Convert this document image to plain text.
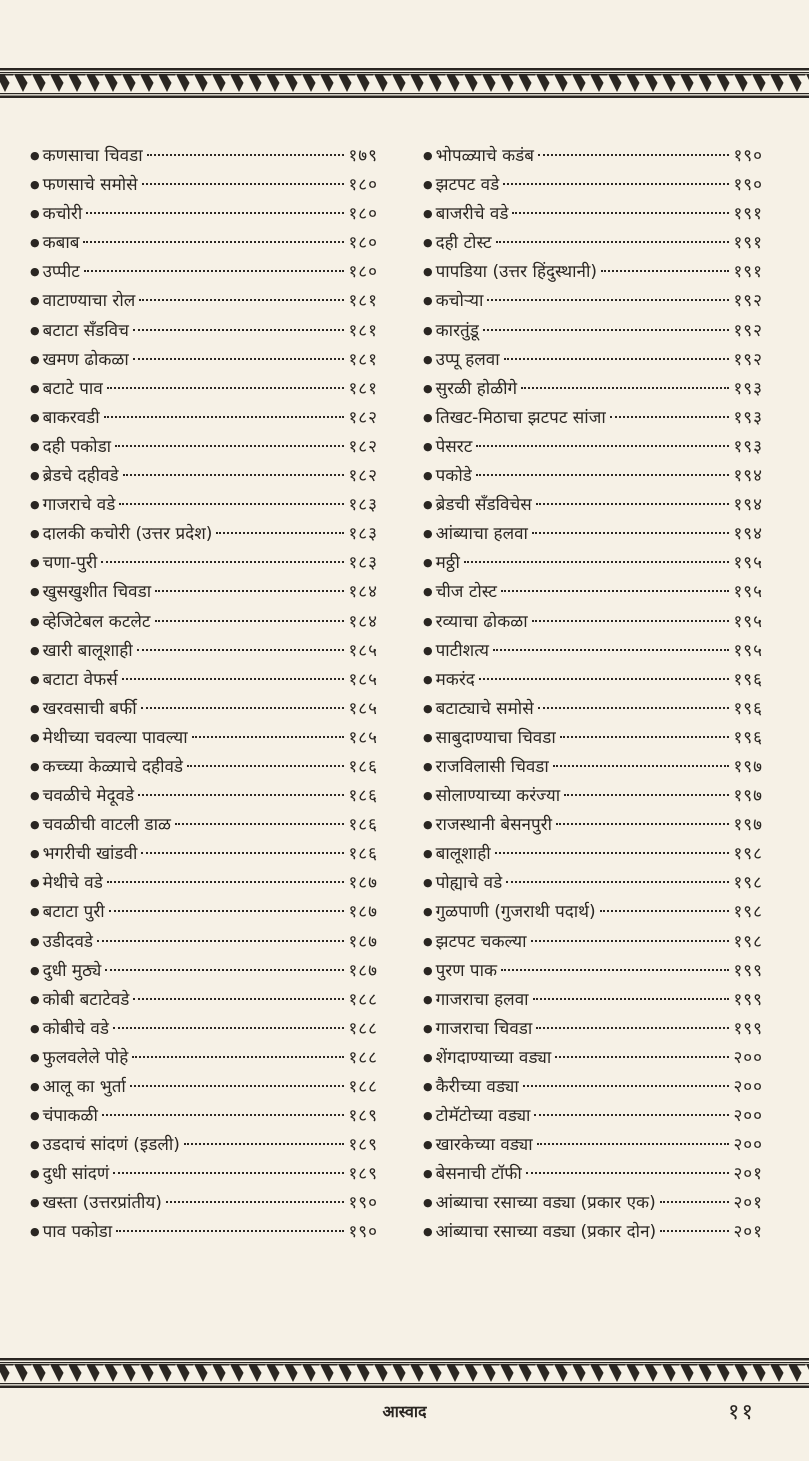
● कणसाचा चिवडा	१७९
● फणसाचे समोसे	१८०
● कचोरी	१८०
● कबाब	१८०
● उप्पीट	१८०
● वाटाण्याचा रोल	१८१
● बटाटा सँडविच	१८१
● खमण ढोकळा	१८१
● बटाटे पाव	१८१
● बाकरवडी	१८२
● दही पकोडा	१८२
● ब्रेडचे दहीवडे	१८२
● गाजराचे वडे	१८३
● दालकी कचोरी (उत्तर प्रदेश)	१८३
● चणा-पुरी	१८३
● खुसखुशीत चिवडा	१८४
● व्हेजिटेबल कटलेट	१८४
● खारी बालूशाही	१८५
● बटाटा वेफर्स	१८५
● खरवसाची बर्फी	१८५
● मेथीच्या चवल्या पावल्या	१८५
● कच्च्या केळ्याचे दहीवडे	१८६
● चवळीचे मेदूवडे	१८६
● चवळीची वाटली डाळ	१८६
● भगरीची खांडवी	१८६
● मेथीचे वडे	१८७
● बटाटा पुरी	१८७
● उडीदवडे	१८७
● दुधी मुठ्ये	१८७
● कोबी बटाटेवडे	१८८
● कोबीचे वडे	१८८
● फुलवलेले पोहे	१८८
● आलू का भुर्ता	१८८
● चंपाकळी	१८९
● उडदाचं सांदणं (इडली)	१८९
● दुधी सांदणं	१८९
● खस्ता (उत्तरप्रांतीय)	१९०
● पाव पकोडा	१९०
● भोपळ्याचे कडंब	१९०
● झटपट वडे	१९०
● बाजरीचे वडे	१९१
● दही टोस्ट	१९१
● पापडिया (उत्तर हिंदुस्थानी)	१९१
● कचोऱ्या	१९२
● कारतुंडू	१९२
● उप्पू हलवा	१९२
● सुरळी होळीगे	१९३
● तिखट-मिठाचा झटपट सांजा	१९३
● पेसरट	१९३
● पकोडे	१९४
● ब्रेडची सँडविचेस	१९४
● आंब्याचा हलवा	१९४
● मठ्ठी	१९५
● चीज टोस्ट	१९५
● रव्याचा ढोकळा	१९५
● पाटीशत्य	१९५
● मकरंद	१९६
● बटाट्याचे समोसे	१९६
● साबुदाण्याचा चिवडा	१९६
● राजविलासी चिवडा	१९७
● सोलाण्याच्या करंज्या	१९७
● राजस्थानी बेसनपुरी	१९७
● बालूशाही	१९८
● पोह्याचे वडे	१९८
● गुळपाणी (गुजराथी पदार्थ)	१९८
● झटपट चकल्या	१९८
● पुरण पाक	१९९
● गाजराचा हलवा	१९९
● गाजराचा चिवडा	१९९
● शेंगदाण्याच्या वड्या	२००
● कैरीच्या वड्या	२००
● टोमॅटोच्या वड्या	२००
● खारकेच्या वड्या	२००
● बेसनाची टॉफी	२०१
● आंब्याचा रसाच्या वड्या (प्रकार एक)	२०१
● आंब्याचा रसाच्या वड्या (प्रकार दोन)	२०१
आस्वाद	११
